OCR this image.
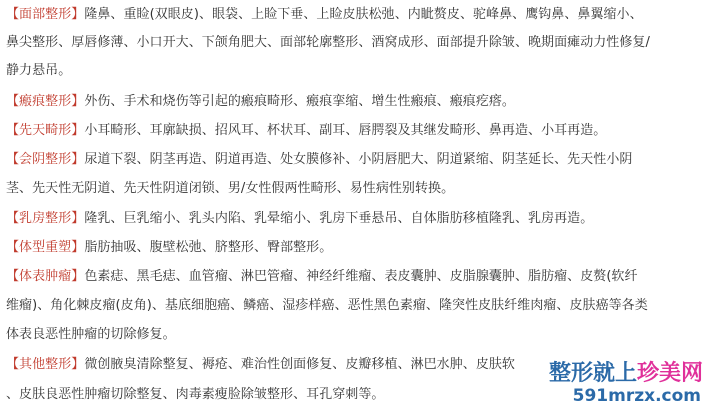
【面部整形】隆鼻、重睑(双眼皮)、眼袋、上睑下垂、上睑皮肤松弛、内眦赘皮、驼峰鼻、鹰钩鼻、鼻翼缩小、
鼻尖整形、厚唇修薄、小口开大、下颌角肥大、面部轮廓整形、酒窝成形、面部提升除皱、晚期面瘫动力性修复/
静力悬吊。
【瘢痕整形】外伤、手术和烧伤等引起的瘢痕畸形、瘢痕挛缩、增生性瘢痕、瘢痕疙瘩。
【先天畸形】小耳畸形、耳廓缺损、招风耳、杯状耳、副耳、唇腭裂及其继发畸形、鼻再造、小耳再造。
【会阴整形】尿道下裂、阴茎再造、阴道再造、处女膜修补、小阴唇肥大、阴道紧缩、阴茎延长、先天性小阴
茎、先天性无阴道、先天性阴道闭锁、男/女性假两性畸形、易性病性别转换。
【乳房整形】隆乳、巨乳缩小、乳头内陷、乳晕缩小、乳房下垂悬吊、自体脂肪移植隆乳、乳房再造。
【体型重塑】脂肪抽吸、腹壁松弛、脐整形、臀部整形。
【体表肿瘤】色素痣、黑毛痣、血管瘤、淋巴管瘤、神经纤维瘤、表皮囊肿、皮脂腺囊肿、脂肪瘤、皮赘(软纤
维瘤)、角化棘皮瘤(皮角)、基底细胞癌、鳞癌、湿疹样癌、恶性黑色素瘤、隆突性皮肤纤维肉瘤、皮肤癌等各类
体表良恶性肿瘤的切除修复。
【其他整形】微创腋臭清除整复、褥疮、难治性创面修复、皮瓣移植、淋巴水肿、皮肤软
、皮肤良恶性肿瘤切除整复、肉毒素瘦脸除皱整形、耳孔穿刺等。
整形就上珍美网
591mrzx.com
